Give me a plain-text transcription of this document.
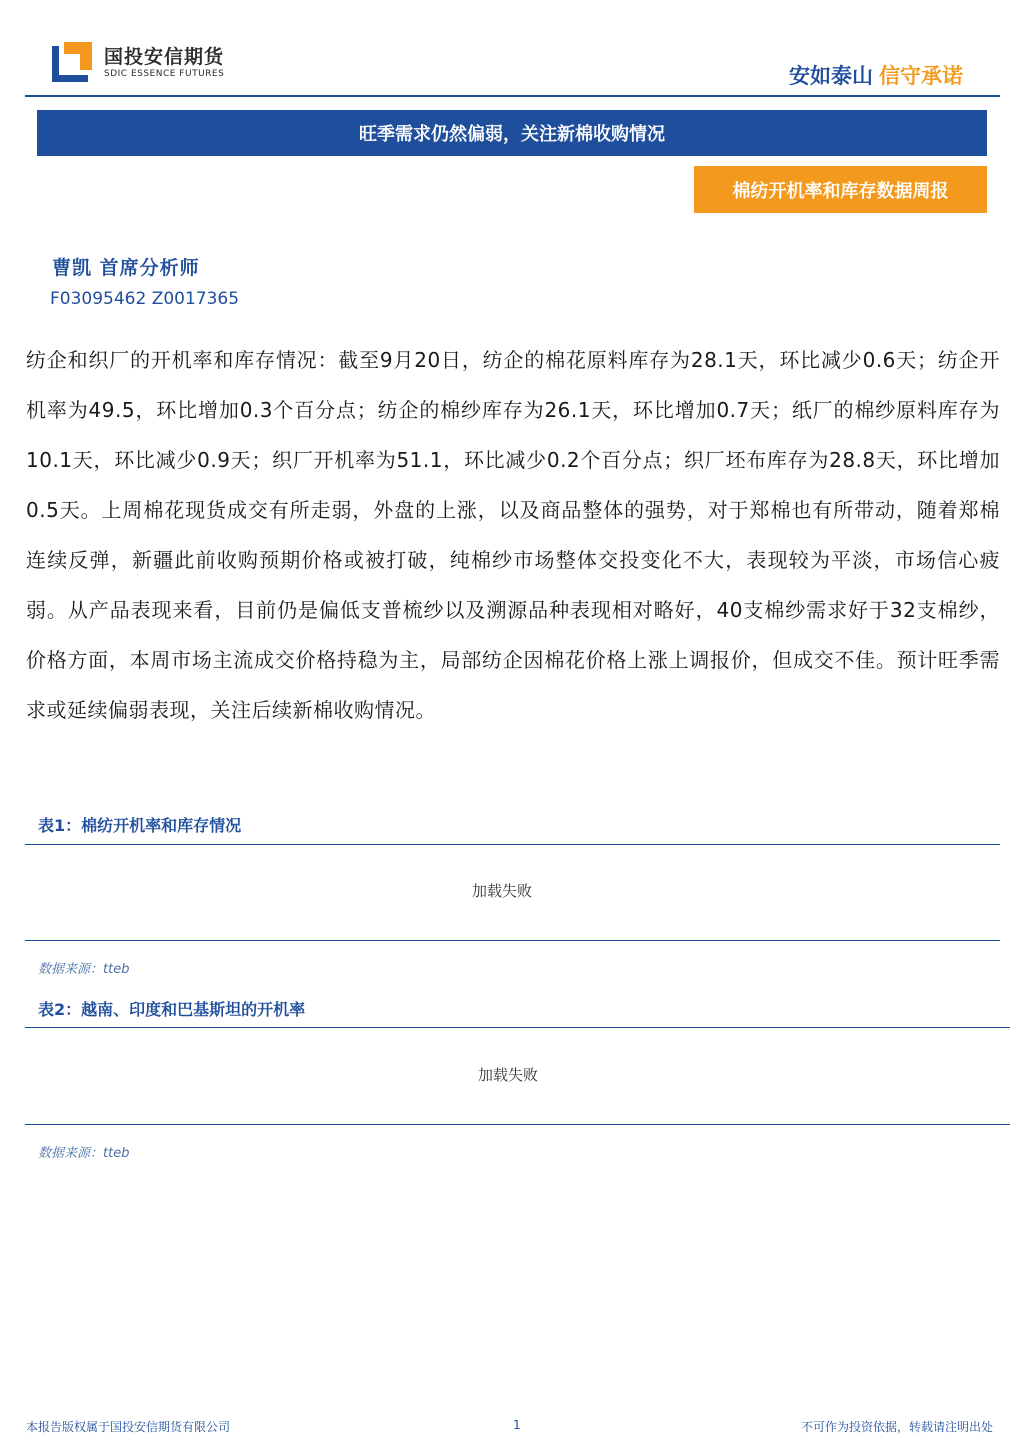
国投安信期货
SDIC ESSENCE FUTURES	安如泰山 信守承诺
旺季需求仍然偏弱，关注新棉收购情况
棉纺开机率和库存数据周报
曹凯 首席分析师
F03095462 Z0017365

纺企和织厂的开机率和库存情况：截至9月20日，纺企的棉花原料库存为28.1天，环比减少0.6天；纺企开机率为49.5，环比增加0.3个百分点；纺企的棉纱库存为26.1天，环比增加0.7天；纸厂的棉纱原料库存为10.1天，环比减少0.9天；织厂开机率为51.1，环比减少0.2个百分点；织厂坯布库存为28.8天，环比增加0.5天。上周棉花现货成交有所走弱，外盘的上涨，以及商品整体的强势，对于郑棉也有所带动，随着郑棉连续反弹，新疆此前收购预期价格或被打破，纯棉纱市场整体交投变化不大，表现较为平淡，市场信心疲弱。从产品表现来看，目前仍是偏低支普梳纱以及溯源品种表现相对略好，40支棉纱需求好于32支棉纱，价格方面，本周市场主流成交价格持稳为主，局部纺企因棉花价格上涨上调报价，但成交不佳。预计旺季需求或延续偏弱表现，关注后续新棉收购情况。

表1：棉纺开机率和库存情况
加载失败
数据来源：tteb
表2：越南、印度和巴基斯坦的开机率
加载失败
数据来源：tteb
本报告版权属于国投安信期货有限公司	1	不可作为投资依据，转载请注明出处
